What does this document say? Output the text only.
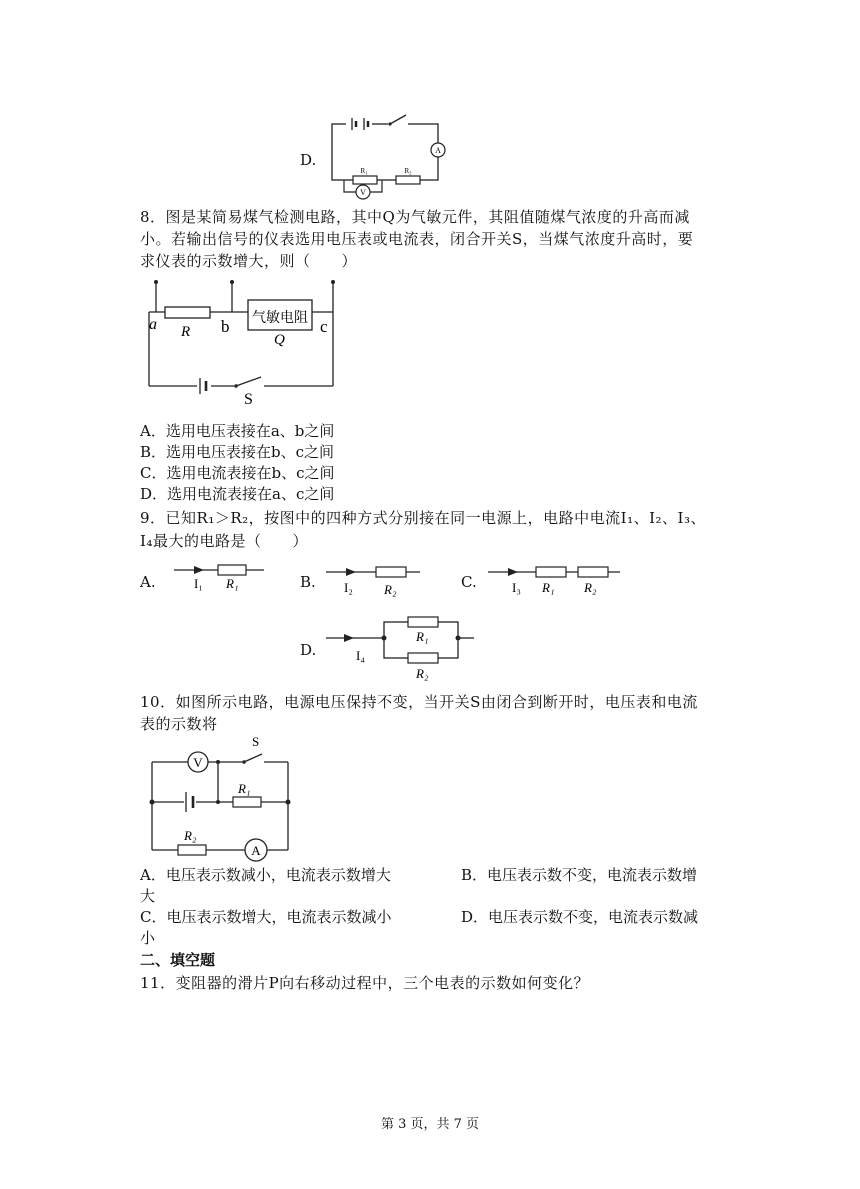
D.
A
R₁	R₂
V
8．图是某简易煤气检测电路，其中Q为气敏元件，其阻值随煤气浓度的升高而减
小。若输出信号的仪表选用电压表或电流表，闭合开关S，当煤气浓度升高时，要
求仪表的示数增大，则（　　）
气敏电阻
a	b	c
R	Q
S
A．选用电压表接在a、b之间
B．选用电压表接在b、c之间
C．选用电流表接在b、c之间
D．选用电流表接在a、c之间
9．已知R₁＞R₂，按图中的四种方式分别接在同一电源上，电路中电流I₁、I₂、I₃、
I₄最大的电路是（　　）
A.	I₁ R₁	B. I₂ R₂	C.	I₃ R₁ R₂
D.
R₁
R₂
I₄
10．如图所示电路，电源电压保持不变，当开关S由闭合到断开时，电压表和电流
表的示数将
V
S
R₁
R₂
A
A．电压表示数减小，电流表示数增大
大
B．电压表示数不变，电流表示数增
C．电压表示数增大，电流表示数减小
小
D．电压表示数不变，电流表示数减
二、填空题
11．变阻器的滑片P向右移动过程中，三个电表的示数如何变化？
第 3 页，共 7 页
